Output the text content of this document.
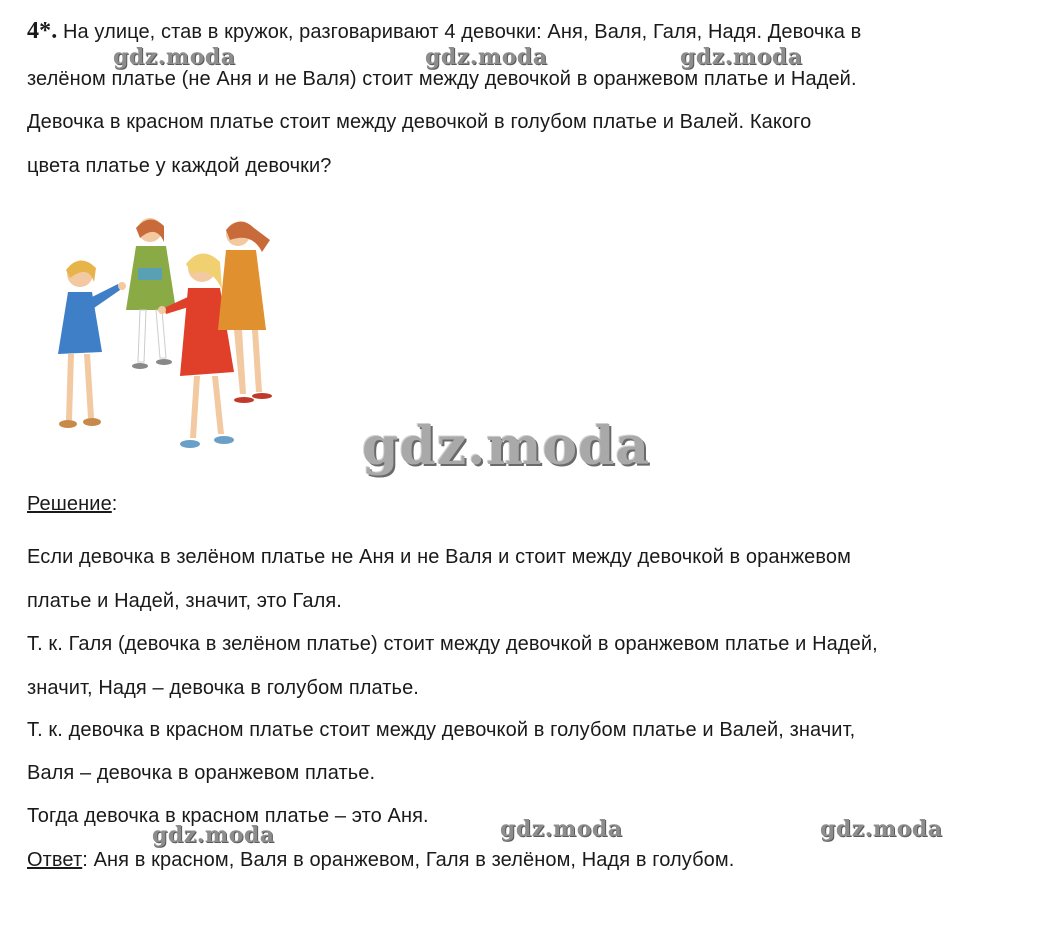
4*. На улице, став в кружок, разговаривают 4 девочки: Аня, Валя, Галя, Надя. Девочка в
зелёном платье (не Аня и не Валя) стоит между девочкой в оранжевом платье и Надей.
Девочка в красном платье стоит между девочкой в голубом платье и Валей. Какого
цвета платье у каждой девочки?
Решение:
Если девочка в зелёном платье не Аня и не Валя и стоит между девочкой в оранжевом
платье и Надей, значит, это Галя.
Т. к. Галя (девочка в зелёном платье) стоит между девочкой в оранжевом платье и Надей,
значит, Надя – девочка в голубом платье.
Т. к. девочка в красном платье стоит между девочкой в голубом платье и Валей, значит,
Валя – девочка в оранжевом платье.
Тогда девочка в красном платье – это Аня.
Ответ: Аня в красном, Валя в оранжевом, Галя в зелёном, Надя в голубом.
gdz.moda	gdz.moda	gdz.moda
gdz.moda
gdz.moda	gdz.moda	gdz.moda
